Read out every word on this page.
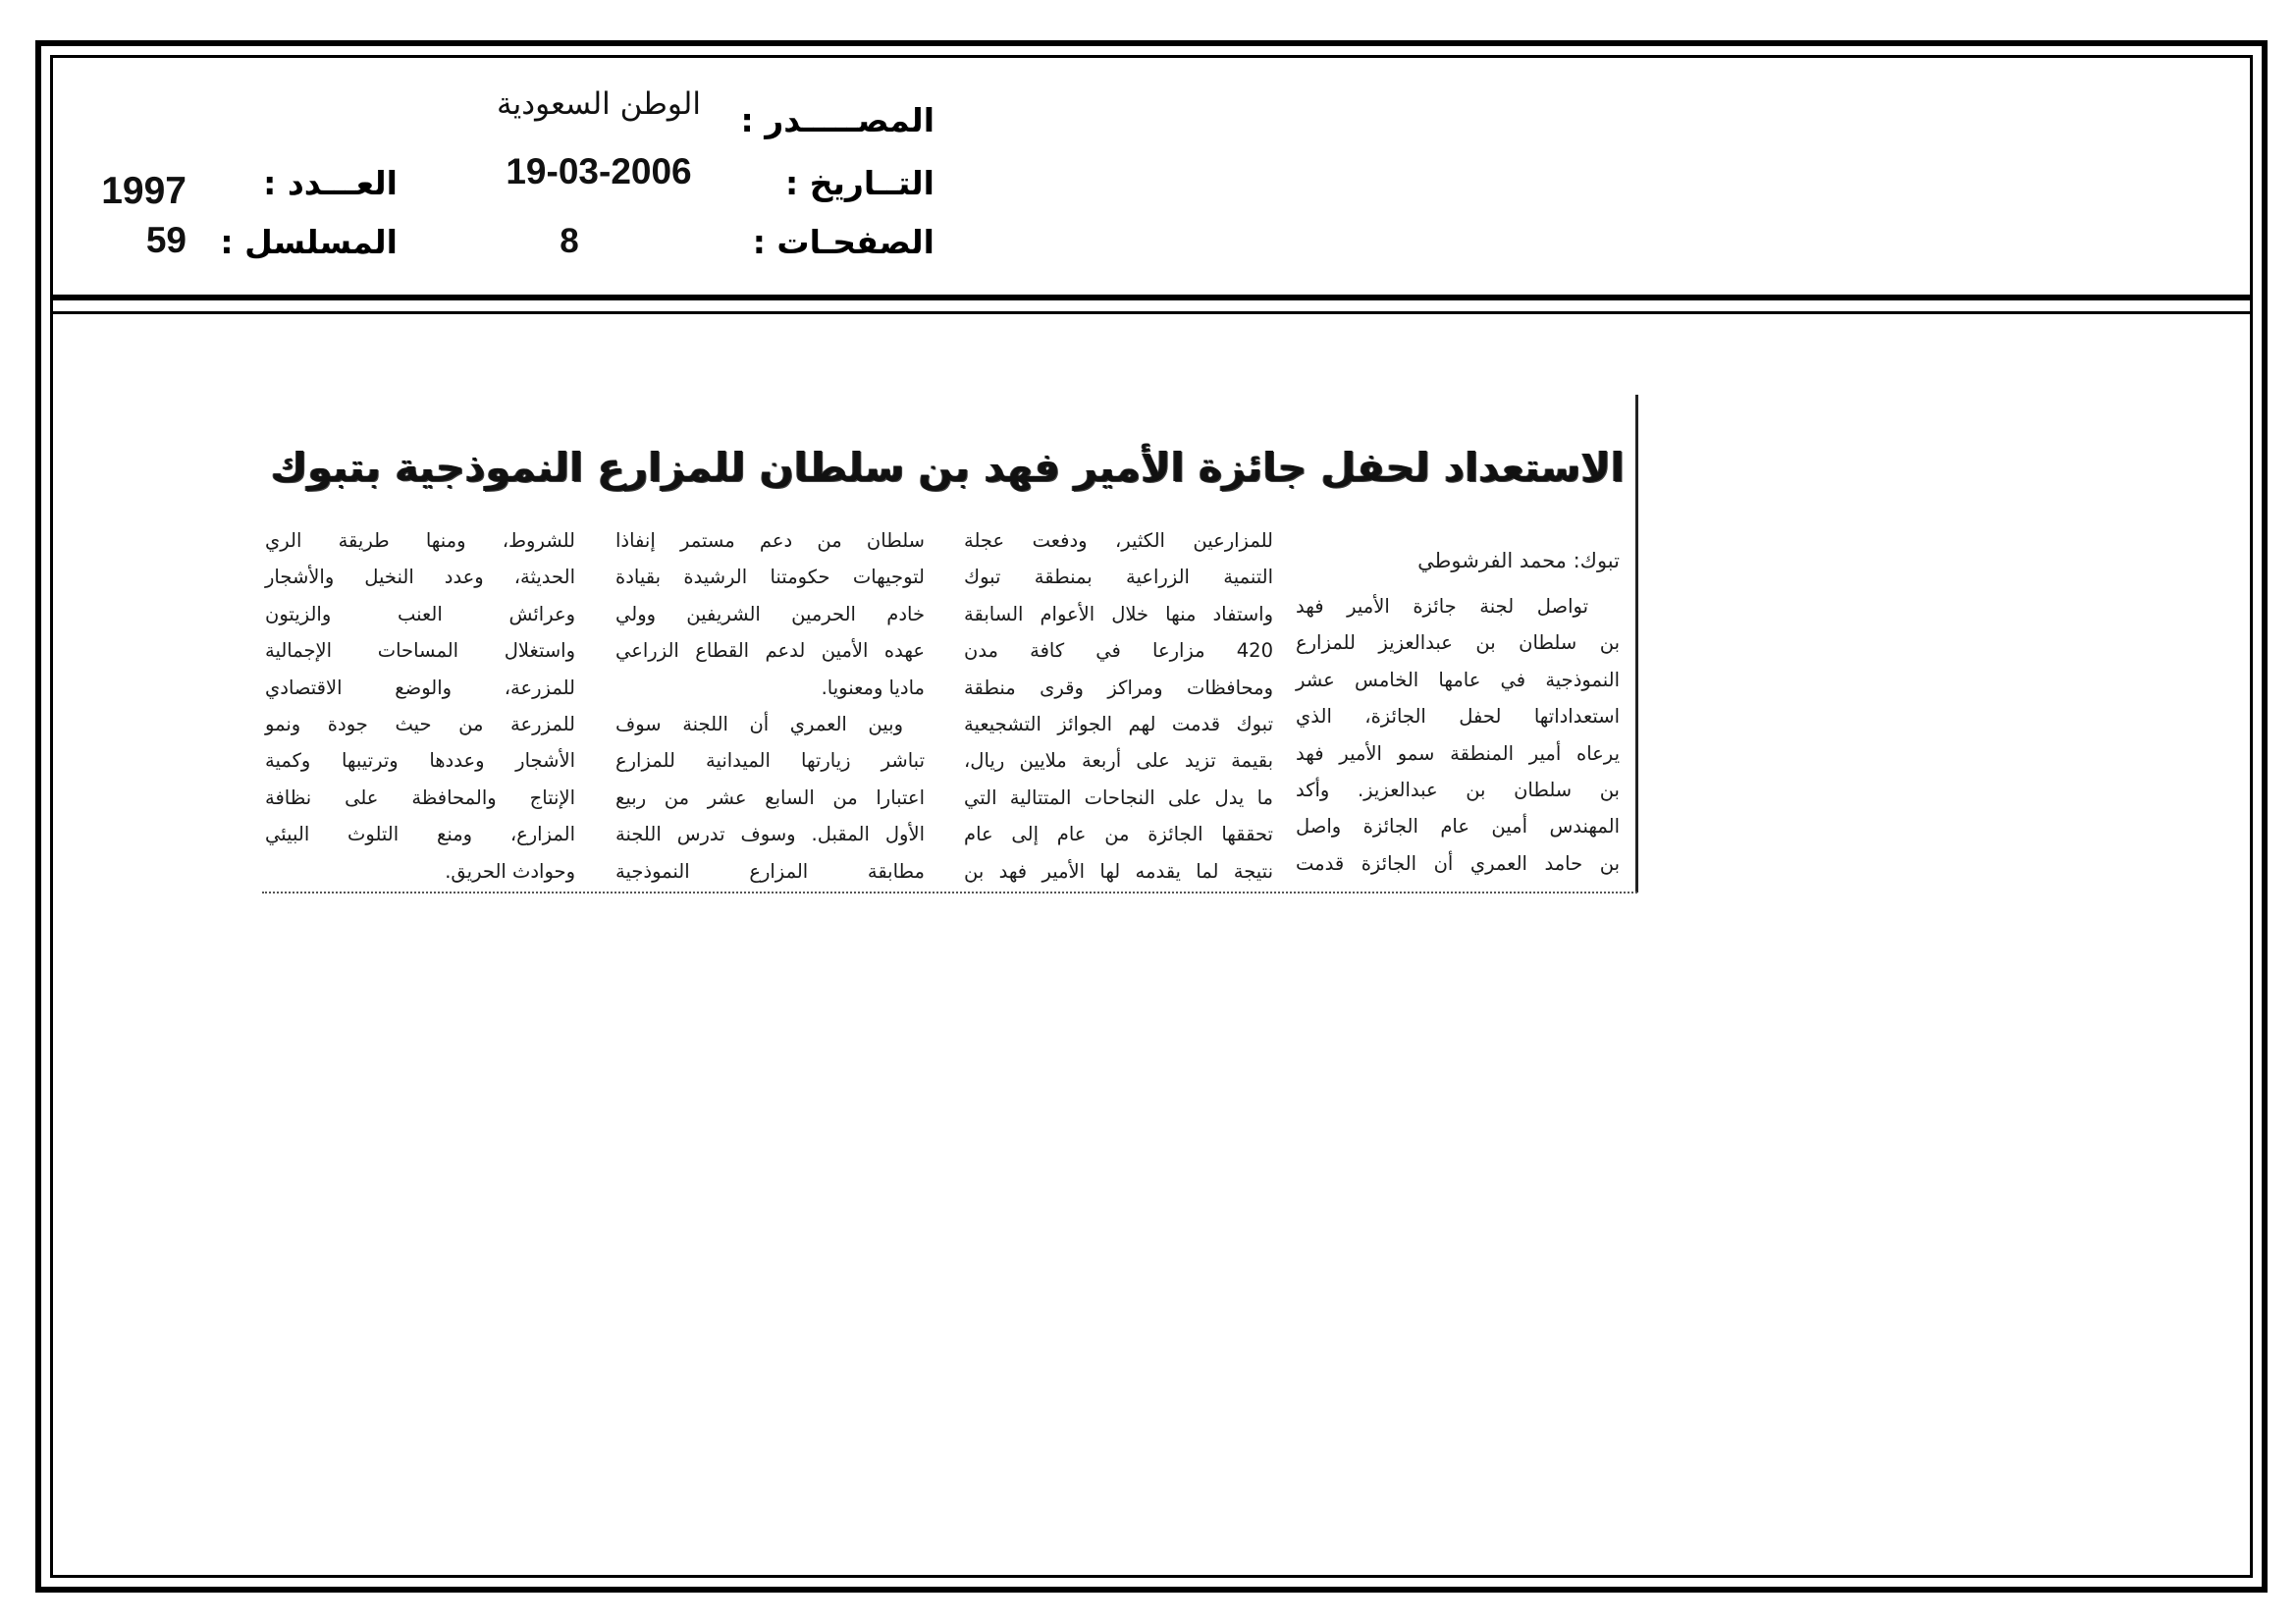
المصـــــدر :
الوطن السعودية
التــاريخ :
19-03-2006
الصفحـات :
8
العـــدد :
1997
المسلسل :
59
الاستعداد لحفل جائزة الأمير فهد بن سلطان للمزارع النموذجية بتبوك
تبوك: محمد الفرشوطي
تواصل لجنة جائزة الأمير فهد
بن سلطان بن عبدالعزيز للمزارع
النموذجية في عامها الخامس عشر
استعداداتها لحفل الجائزة، الذي
يرعاه أمير المنطقة سمو الأمير فهد
بن سلطان بن عبدالعزيز. وأكد
المهندس أمين عام الجائزة واصل
بن حامد العمري أن الجائزة قدمت
للمزارعين الكثير، ودفعت عجلة
التنمية الزراعية بمنطقة تبوك
واستفاد منها خلال الأعوام السابقة
420 مزارعا في كافة مدن
ومحافظات ومراكز وقرى منطقة
تبوك قدمت لهم الجوائز التشجيعية
بقيمة تزيد على أربعة ملايين ريال،
ما يدل على النجاحات المتتالية التي
تحققها الجائزة من عام إلى عام
نتيجة لما يقدمه لها الأمير فهد بن
سلطان من دعم مستمر إنفاذا
لتوجيهات حكومتنا الرشيدة بقيادة
خادم الحرمين الشريفين وولي
عهده الأمين لدعم القطاع الزراعي
ماديا ومعنويا.
وبين العمري أن اللجنة سوف
تباشر زيارتها الميدانية للمزارع
اعتبارا من السابع عشر من ربيع
الأول المقبل. وسوف تدرس اللجنة
مطابقة المزارع النموذجية
للشروط، ومنها طريقة الري
الحديثة، وعدد النخيل والأشجار
وعرائش العنب والزيتون
واستغلال المساحات الإجمالية
للمزرعة، والوضع الاقتصادي
للمزرعة من حيث جودة ونمو
الأشجار وعددها وترتيبها وكمية
الإنتاج والمحافظة على نظافة
المزارع، ومنع التلوث البيئي
وحوادث الحريق.
